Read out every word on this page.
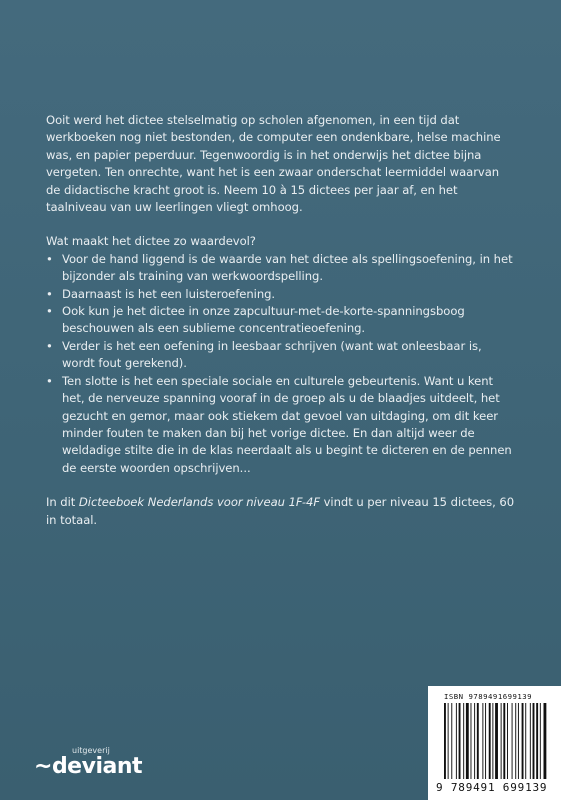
Ooit werd het dictee stelselmatig op scholen afgenomen, in een tijd dat werkboeken nog niet bestonden, de computer een ondenkbare, helse machine was, en papier peperduur. Tegenwoordig is in het onderwijs het dictee bijna vergeten. Ten onrechte, want het is een zwaar onderschat leermiddel waarvan de didactische kracht groot is. Neem 10 à 15 dictees per jaar af, en het taalniveau van uw leerlingen vliegt omhoog.

Wat maakt het dictee zo waardevol?

• Voor de hand liggend is de waarde van het dictee als spellingsoefening, in het bijzonder als training van werkwoordspelling.
• Daarnaast is het een luisteroefening.
• Ook kun je het dictee in onze zapcultuur-met-de-korte-spanningsboog beschouwen als een sublieme concentratieoefening.
• Verder is het een oefening in leesbaar schrijven (want wat onleesbaar is, wordt fout gerekend).
• Ten slotte is het een speciale sociale en culturele gebeurtenis. Want u kent het, de nerveuze spanning vooraf in de groep als u de blaadjes uitdeelt, het gezucht en gemor, maar ook stiekem dat gevoel van uitdaging, om dit keer minder fouten te maken dan bij het vorige dictee. En dan altijd weer de weldadige stilte die in de klas neerdaalt als u begint te dicteren en de pennen de eerste woorden opschrijven...

In dit Dicteeboek Nederlands voor niveau 1F-4F vindt u per niveau 15 dictees, 60 in totaal.

ISBN 9789491699139
9 789491 699139
uitgeverij
~deviant
